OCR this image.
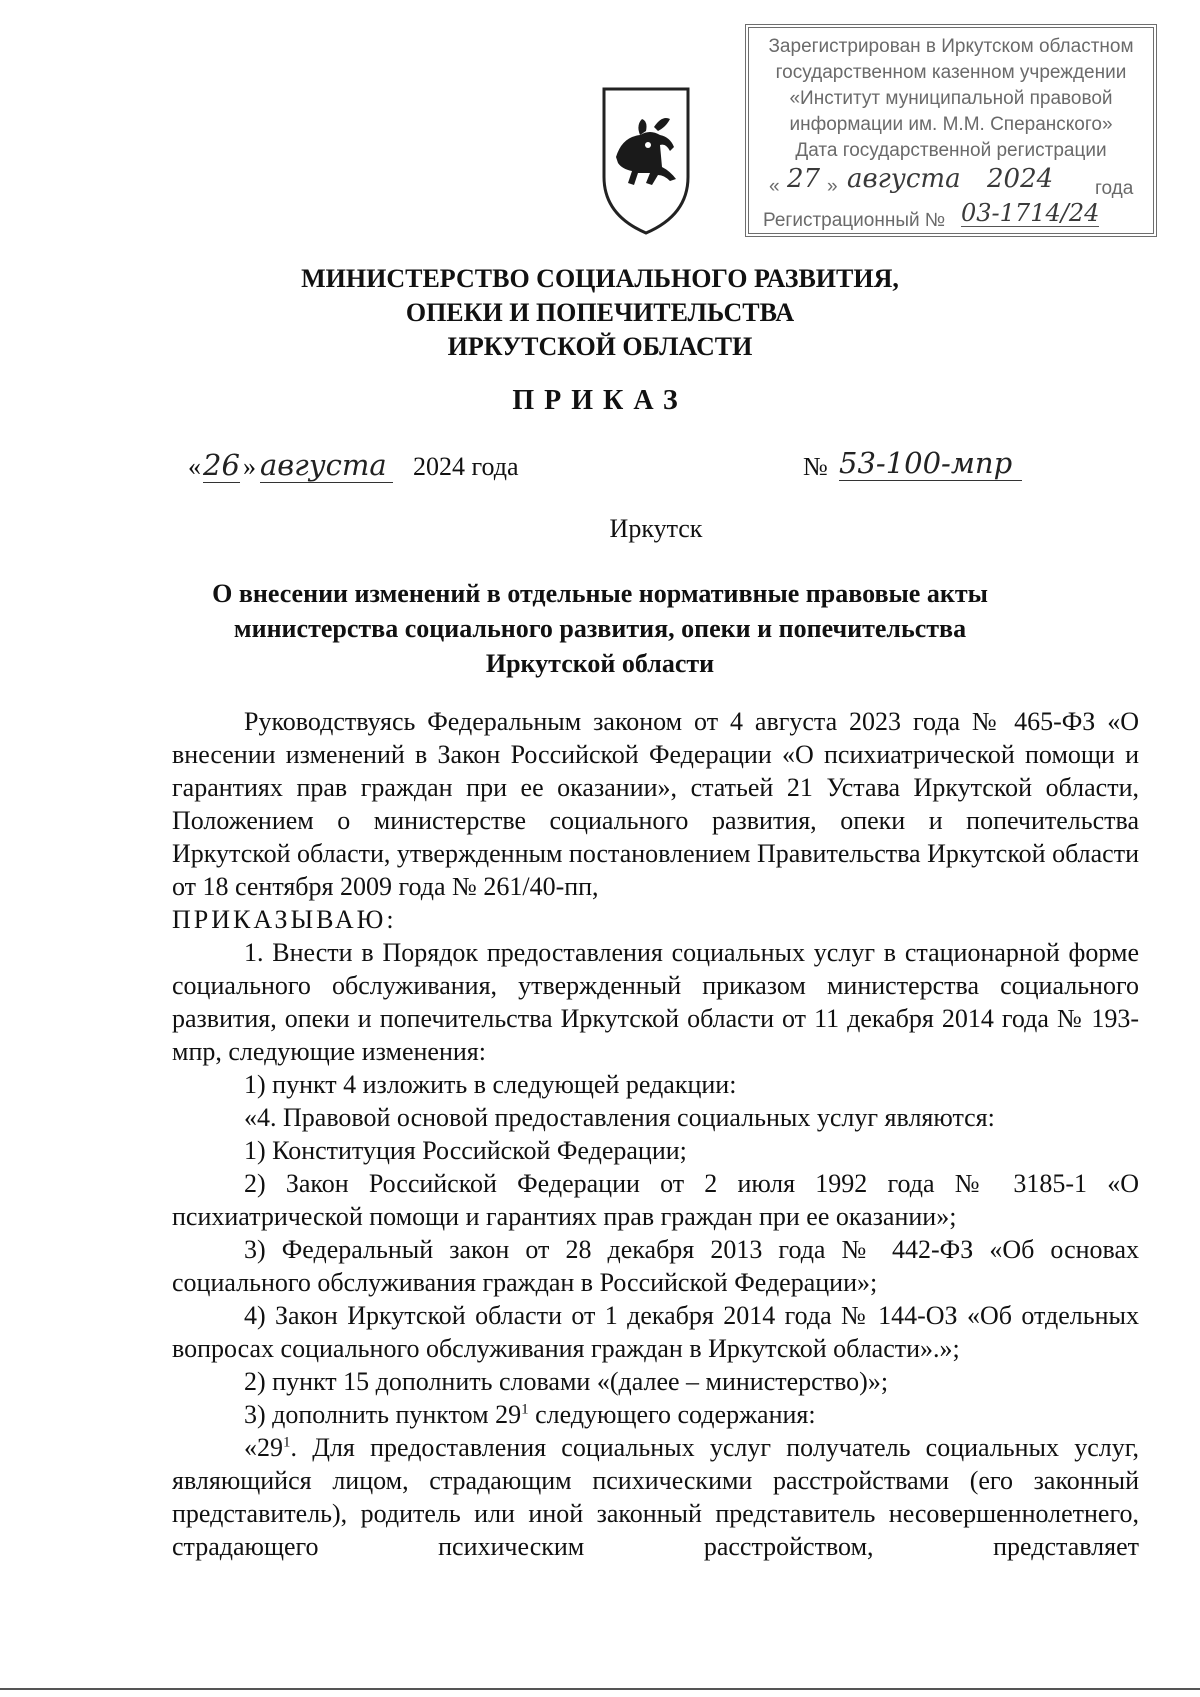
Зарегистрирован в Иркутском областном
государственном казенном учреждении
«Институт муниципальной правовой
информации им. М.М. Сперанского»
Дата государственной регистрации
« 27 » августа 2024 года
Регистрационный № 03-1714/24
МИНИСТЕРСТВО СОЦИАЛЬНОГО РАЗВИТИЯ,
ОПЕКИ И ПОПЕЧИТЕЛЬСТВА
ИРКУТСКОЙ ОБЛАСТИ
ПРИКАЗ
« 26 » августа 2024 года	№ 53-100-мпр
Иркутск
О внесении изменений в отдельные нормативные правовые акты
министерства социального развития, опеки и попечительства
Иркутской области

Руководствуясь Федеральным законом от 4 августа 2023 года № 465-ФЗ «О внесении изменений в Закон Российской Федерации «О психиатрической помощи и гарантиях прав граждан при ее оказании», статьей 21 Устава Иркутской области, Положением о министерстве социального развития, опеки и попечительства Иркутской области, утвержденным постановлением Правительства Иркутской области от 18 сентября 2009 года № 261/40-пп,

ПРИКАЗЫВАЮ:

1. Внести в Порядок предоставления социальных услуг в стационарной форме социального обслуживания, утвержденный приказом министерства социального развития, опеки и попечительства Иркутской области от 11 декабря 2014 года № 193-мпр, следующие изменения:

1) пункт 4 изложить в следующей редакции:

«4. Правовой основой предоставления социальных услуг являются:

1) Конституция Российской Федерации;

2) Закон Российской Федерации от 2 июля 1992 года № 3185-1 «О психиатрической помощи и гарантиях прав граждан при ее оказании»;

3) Федеральный закон от 28 декабря 2013 года № 442-ФЗ «Об основах социального обслуживания граждан в Российской Федерации»;

4) Закон Иркутской области от 1 декабря 2014 года № 144-ОЗ «Об отдельных вопросах социального обслуживания граждан в Иркутской области».»;

2) пункт 15 дополнить словами «(далее – министерство)»;

3) дополнить пунктом $29^1$ следующего содержания:

«$29^1$. Для предоставления социальных услуг получатель социальных услуг, являющийся лицом, страдающим психическими расстройствами (его законный представитель), родитель или иной законный представитель несовершеннолетнего, страдающего психическим расстройством, представляет
